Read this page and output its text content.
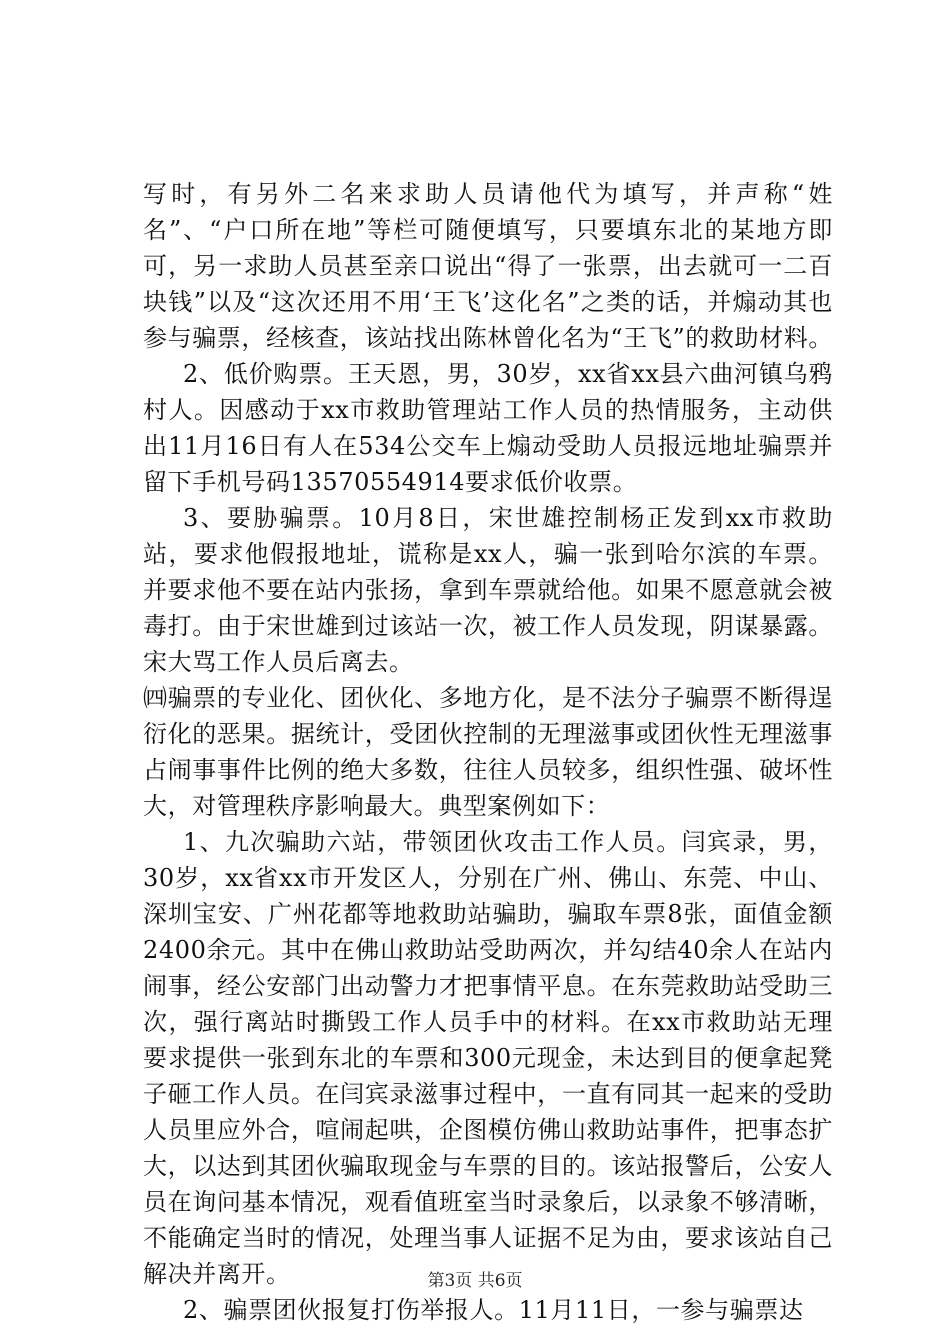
写时，有另外二名来求助人员请他代为填写，并声称“姓名”、“户口所在地”等栏可随便填写，只要填东北的某地方即可，另一求助人员甚至亲口说出“得了一张票，出去就可一二百块钱”以及“这次还用不用‘王飞’这化名”之类的话，并煽动其也参与骗票，经核查，该站找出陈林曾化名为“王飞”的救助材料。

2、低价购票。王天恩，男，30岁，xx省xx县六曲河镇乌鸦村人。因感动于xx市救助管理站工作人员的热情服务，主动供出11月16日有人在534公交车上煽动受助人员报远地址骗票并留下手机号码13570554914要求低价收票。

3、要胁骗票。10月8日，宋世雄控制杨正发到xx市救助站，要求他假报地址，谎称是xx人，骗一张到哈尔滨的车票。并要求他不要在站内张扬，拿到车票就给他。如果不愿意就会被毒打。由于宋世雄到过该站一次，被工作人员发现，阴谋暴露。宋大骂工作人员后离去。

㈣骗票的专业化、团伙化、多地方化，是不法分子骗票不断得逞衍化的恶果。据统计，受团伙控制的无理滋事或团伙性无理滋事占闹事事件比例的绝大多数，往往人员较多，组织性强、破坏性大，对管理秩序影响最大。典型案例如下：

1、九次骗助六站，带领团伙攻击工作人员。闫宾录，男，30岁，xx省xx市开发区人，分别在广州、佛山、东莞、中山、深圳宝安、广州花都等地救助站骗助，骗取车票8张，面值金额2400余元。其中在佛山救助站受助两次，并勾结40余人在站内闹事，经公安部门出动警力才把事情平息。在东莞救助站受助三次，强行离站时撕毁工作人员手中的材料。在xx市救助站无理要求提供一张到东北的车票和300元现金，未达到目的便拿起凳子砸工作人员。在闫宾录滋事过程中，一直有同其一起来的受助人员里应外合，喧闹起哄，企图模仿佛山救助站事件，把事态扩大，以达到其团伙骗取现金与车票的目的。该站报警后，公安人员在询问基本情况，观看值班室当时录象后，以录象不够清晰，不能确定当时的情况，处理当事人证据不足为由，要求该站自己解决并离开。

2、骗票团伙报复打伤举报人。11月11日，一参与骗票达

第3页 共6页
